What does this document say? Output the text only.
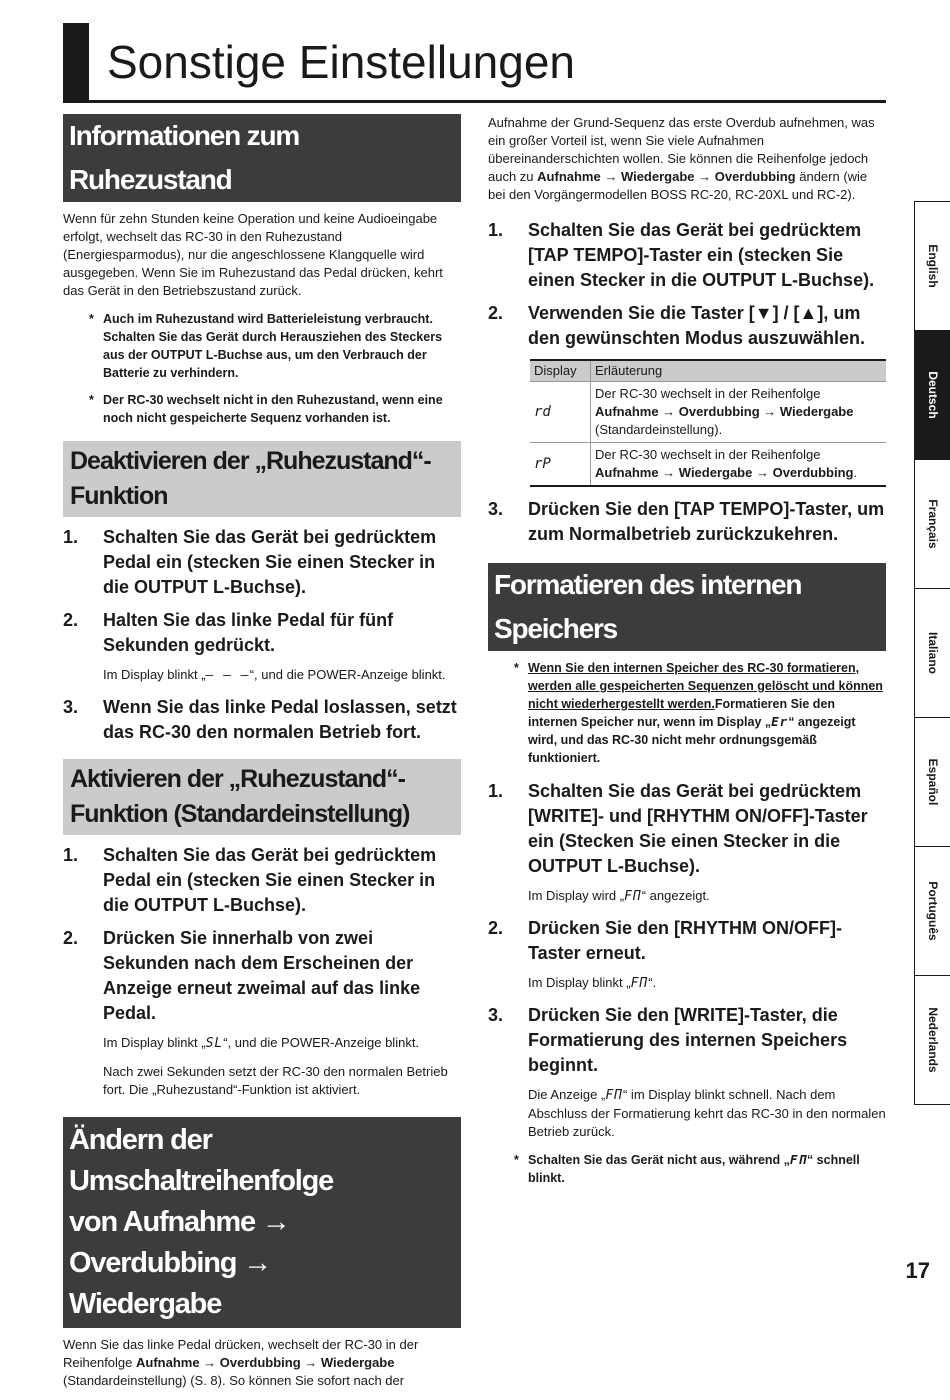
Sonstige Einstellungen
Informationen zum Ruhezustand

Wenn für zehn Stunden keine Operation und keine Audioeingabe erfolgt, wechselt das RC-30 in den Ruhezustand (Energiesparmodus), nur die angeschlossene Klangquelle wird ausgegeben. Wenn Sie im Ruhezustand das Pedal drücken, kehrt das Gerät in den Betriebszustand zurück.

* Auch im Ruhezustand wird Batterieleistung verbraucht. Schalten Sie das Gerät durch Herausziehen des Steckers aus der OUTPUT L-Buchse aus, um den Verbrauch der Batterie zu verhindern.
* Der RC-30 wechselt nicht in den Ruhezustand, wenn eine noch nicht gespeicherte Sequenz vorhanden ist.
Deaktivieren der „Ruhezustand“-Funktion
1.	Schalten Sie das Gerät bei gedrücktem Pedal ein (stecken Sie einen Stecker in die OUTPUT L-Buchse).
2.	Halten Sie das linke Pedal für fünf Sekunden gedrückt.
Im Display blinkt „– – –“, und die POWER-Anzeige blinkt.
3.	Wenn Sie das linke Pedal loslassen, setzt das RC-30 den normalen Betrieb fort.
Aktivieren der „Ruhezustand“-Funktion (Standardeinstellung)
1.	Schalten Sie das Gerät bei gedrücktem Pedal ein (stecken Sie einen Stecker in die OUTPUT L-Buchse).
2.	Drücken Sie innerhalb von zwei Sekunden nach dem Erscheinen der Anzeige erneut zweimal auf das linke Pedal.
Im Display blinkt „SL“, und die POWER-Anzeige blinkt.
Nach zwei Sekunden setzt der RC-30 den normalen Betrieb fort. Die „Ruhezustand“-Funktion ist aktiviert.
Ändern der Umschaltreihenfolge
von Aufnahme → Overdubbing →
Wiedergabe

Wenn Sie das linke Pedal drücken, wechselt der RC-30 in der Reihenfolge Aufnahme → Overdubbing → Wiedergabe (Standardeinstellung) (S. 8). So können Sie sofort nach der

Aufnahme der Grund-Sequenz das erste Overdub aufnehmen, was ein großer Vorteil ist, wenn Sie viele Aufnahmen übereinanderschichten wollen. Sie können die Reihenfolge jedoch auch zu Aufnahme → Wiedergabe → Overdubbing ändern (wie bei den Vorgängermodellen BOSS RC-20, RC-20XL und RC-2).

1.	Schalten Sie das Gerät bei gedrücktem [TAP TEMPO]-Taster ein (stecken Sie einen Stecker in die OUTPUT L-Buchse).
2.	Verwenden Sie die Taster [▼] / [▲], um den gewünschten Modus auszuwählen.
Display	Erläuterung
rd	Der RC-30 wechselt in der Reihenfolge
Aufnahme → Overdubbing → Wiedergabe
(Standardeinstellung).
rP	Der RC-30 wechselt in der Reihenfolge
Aufnahme → Wiedergabe → Overdubbing.
3.	Drücken Sie den [TAP TEMPO]-Taster, um zum Normalbetrieb zurückzukehren.
Formatieren des internen Speichers
* Wenn Sie den internen Speicher des RC-30 formatieren, werden alle gespeicherten Sequenzen gelöscht und können nicht wiederhergestellt werden.Formatieren Sie den internen Speicher nur, wenn im Display „Er“ angezeigt wird, und das RC-30 nicht mehr ordnungsgemäß funktioniert.
1.	Schalten Sie das Gerät bei gedrücktem [WRITE]- und [RHYTHM ON/OFF]-Taster ein (Stecken Sie einen Stecker in die OUTPUT L-Buchse).
Im Display wird „FΠ“ angezeigt.
2.	Drücken Sie den [RHYTHM ON/OFF]-Taster erneut.
Im Display blinkt „FΠ“.
3.	Drücken Sie den [WRITE]-Taster, die Formatierung des internen Speichers beginnt.
Die Anzeige „FΠ“ im Display blinkt schnell. Nach dem Abschluss der Formatierung kehrt das RC-30 in den normalen Betrieb zurück.
* Schalten Sie das Gerät nicht aus, während „FΠ“ schnell blinkt.
English
Deutsch
Français
Italiano
Español
Português
Nederlands
17
